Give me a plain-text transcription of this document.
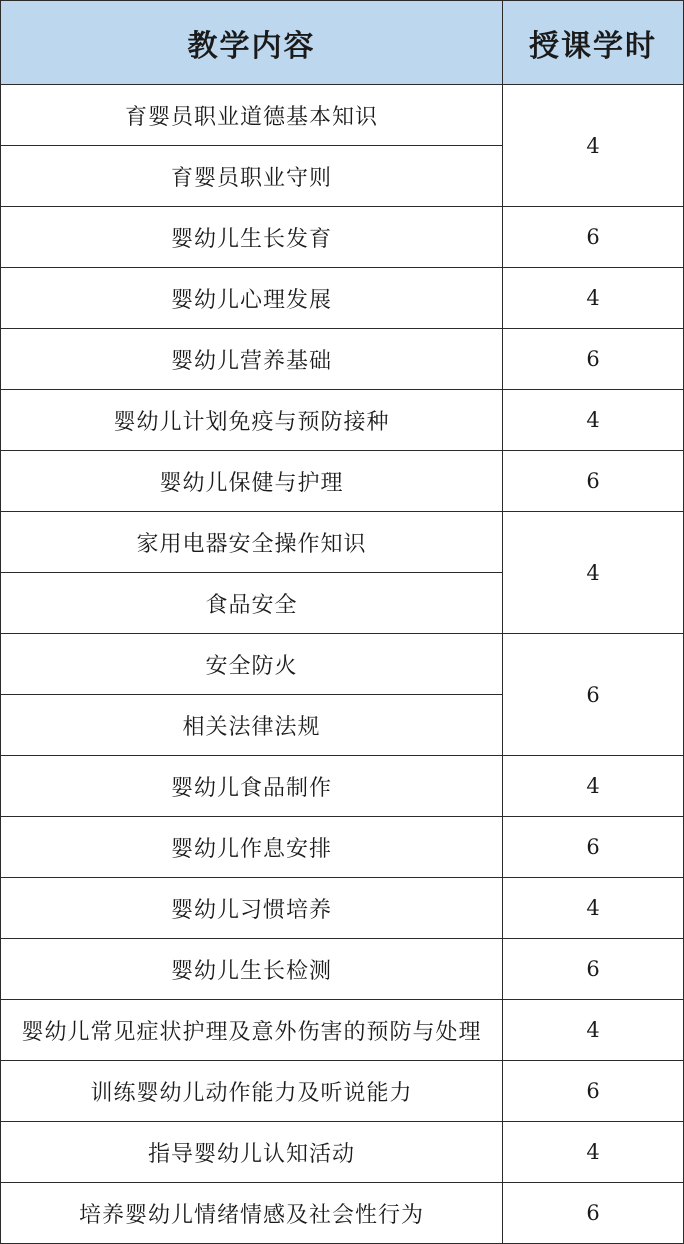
教学内容	授课学时
育婴员职业道德基本知识	4
育婴员职业守则	
婴幼儿生长发育	6
婴幼儿心理发展	4
婴幼儿营养基础	6
婴幼儿计划免疫与预防接种	4
婴幼儿保健与护理	6
家用电器安全操作知识	4
食品安全	
安全防火	6
相关法律法规	
婴幼儿食品制作	4
婴幼儿作息安排	6
婴幼儿习惯培养	4
婴幼儿生长检测	6
婴幼儿常见症状护理及意外伤害的预防与处理	4
训练婴幼儿动作能力及听说能力	6
指导婴幼儿认知活动	4
培养婴幼儿情绪情感及社会性行为	6
